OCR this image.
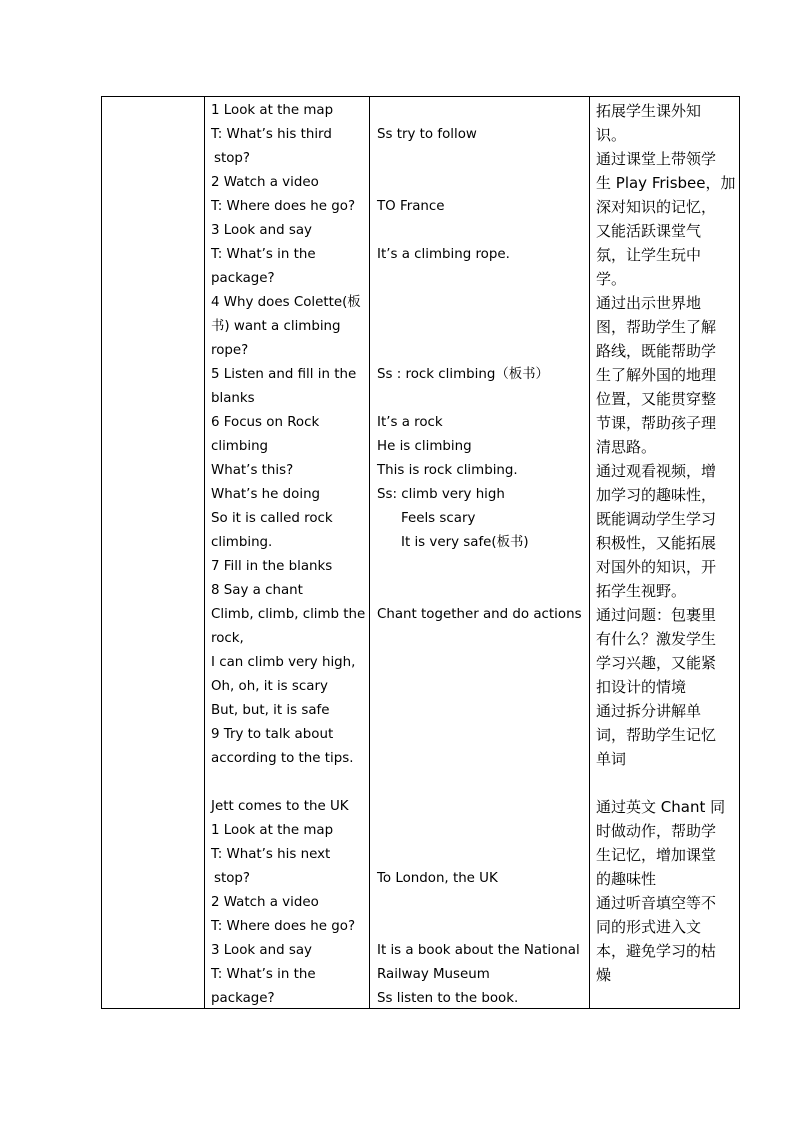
1 Look at the map
T: What’s his third
stop?
2 Watch a video
T: Where does he go?
3 Look and say
T: What’s in the
package?
4 Why does Colette(板
书) want a climbing
rope?
5 Listen and fill in the
blanks
6 Focus on Rock
climbing
What’s this?
What’s he doing
So it is called rock
climbing.
7 Fill in the blanks
8 Say a chant
Climb, climb, climb the
rock,
I can climb very high,
Oh, oh, it is scary
But, but, it is safe
9 Try to talk about
according to the tips.
Jett comes to the UK
1 Look at the map
T: What’s his next
stop?
2 Watch a video
T: Where does he go?
3 Look and say
T: What’s in the
package?
Ss try to follow
TO France
It’s a climbing rope.
Ss : rock climbing（板书）
It’s a rock
He is climbing
This is rock climbing.
Ss: climb very high
Feels scary
It is very safe(板书)
Chant together and do actions
To London, the UK
It is a book about the National
Railway Museum
Ss listen to the book.
拓展学生课外知
识。
通过课堂上带领学
生 Play Frisbee，加
深对知识的记忆，
又能活跃课堂气
氛，让学生玩中
学。
通过出示世界地
图，帮助学生了解
路线，既能帮助学
生了解外国的地理
位置，又能贯穿整
节课，帮助孩子理
清思路。
通过观看视频，增
加学习的趣味性，
既能调动学生学习
积极性，又能拓展
对国外的知识，开
拓学生视野。
通过问题：包裹里
有什么？激发学生
学习兴趣，又能紧
扣设计的情境
通过拆分讲解单
词，帮助学生记忆
单词
通过英文 Chant 同
时做动作，帮助学
生记忆，增加课堂
的趣味性
通过听音填空等不
同的形式进入文
本，避免学习的枯
燥
